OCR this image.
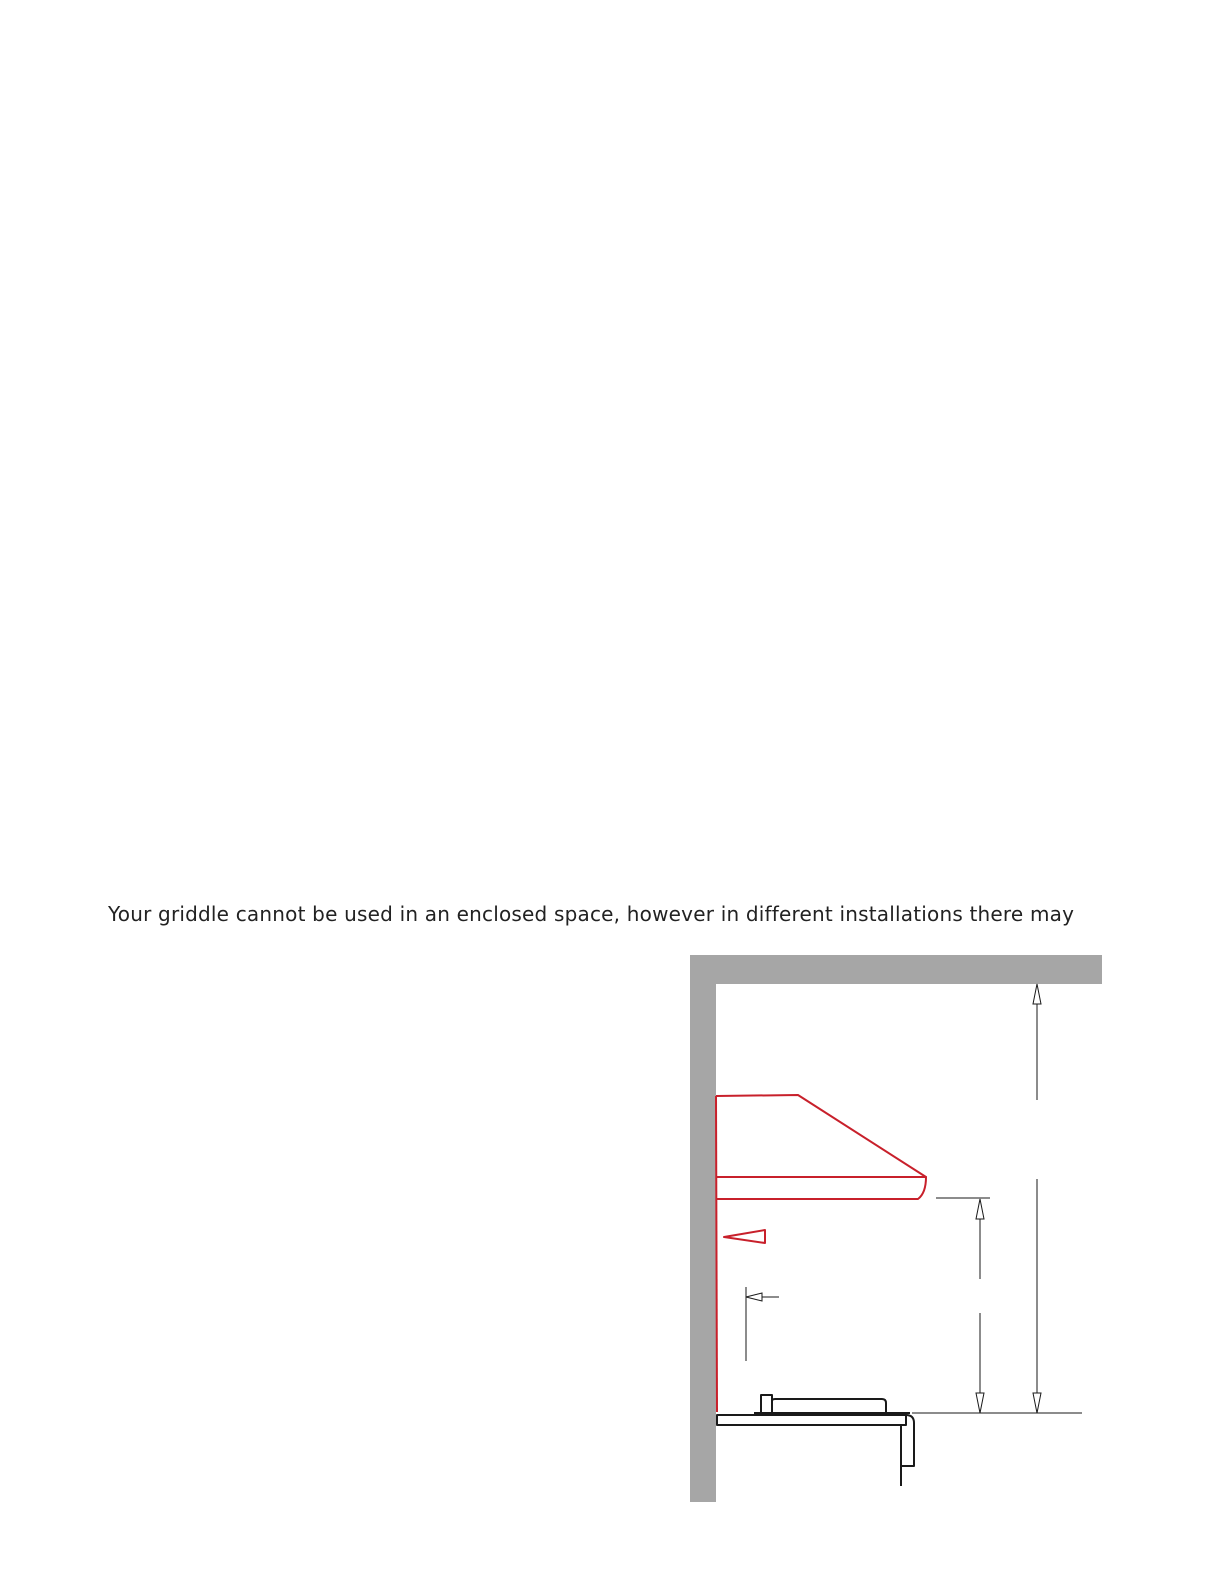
Your griddle cannot be used in an enclosed space, however in different installations there may
